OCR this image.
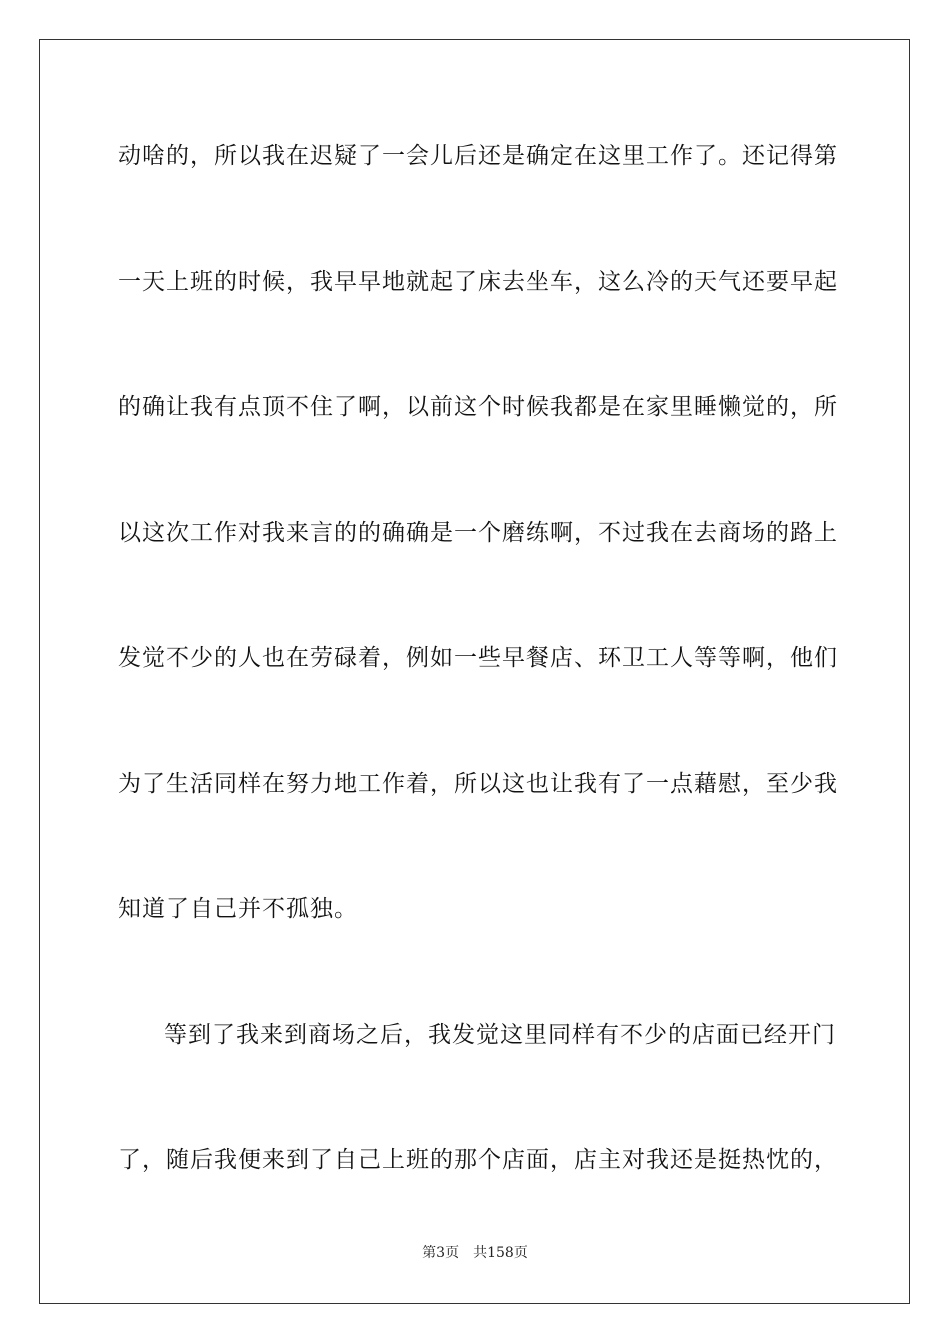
动啥的，所以我在迟疑了一会儿后还是确定在这里工作了。还记得第
一天上班的时候，我早早地就起了床去坐车，这么冷的天气还要早起
的确让我有点顶不住了啊，以前这个时候我都是在家里睡懒觉的，所
以这次工作对我来言的的确确是一个磨练啊，不过我在去商场的路上
发觉不少的人也在劳碌着，例如一些早餐店、环卫工人等等啊，他们
为了生活同样在努力地工作着，所以这也让我有了一点藉慰，至少我
知道了自己并不孤独。
等到了我来到商场之后，我发觉这里同样有不少的店面已经开门
了，随后我便来到了自己上班的那个店面，店主对我还是挺热忱的，
第3页 共158页
